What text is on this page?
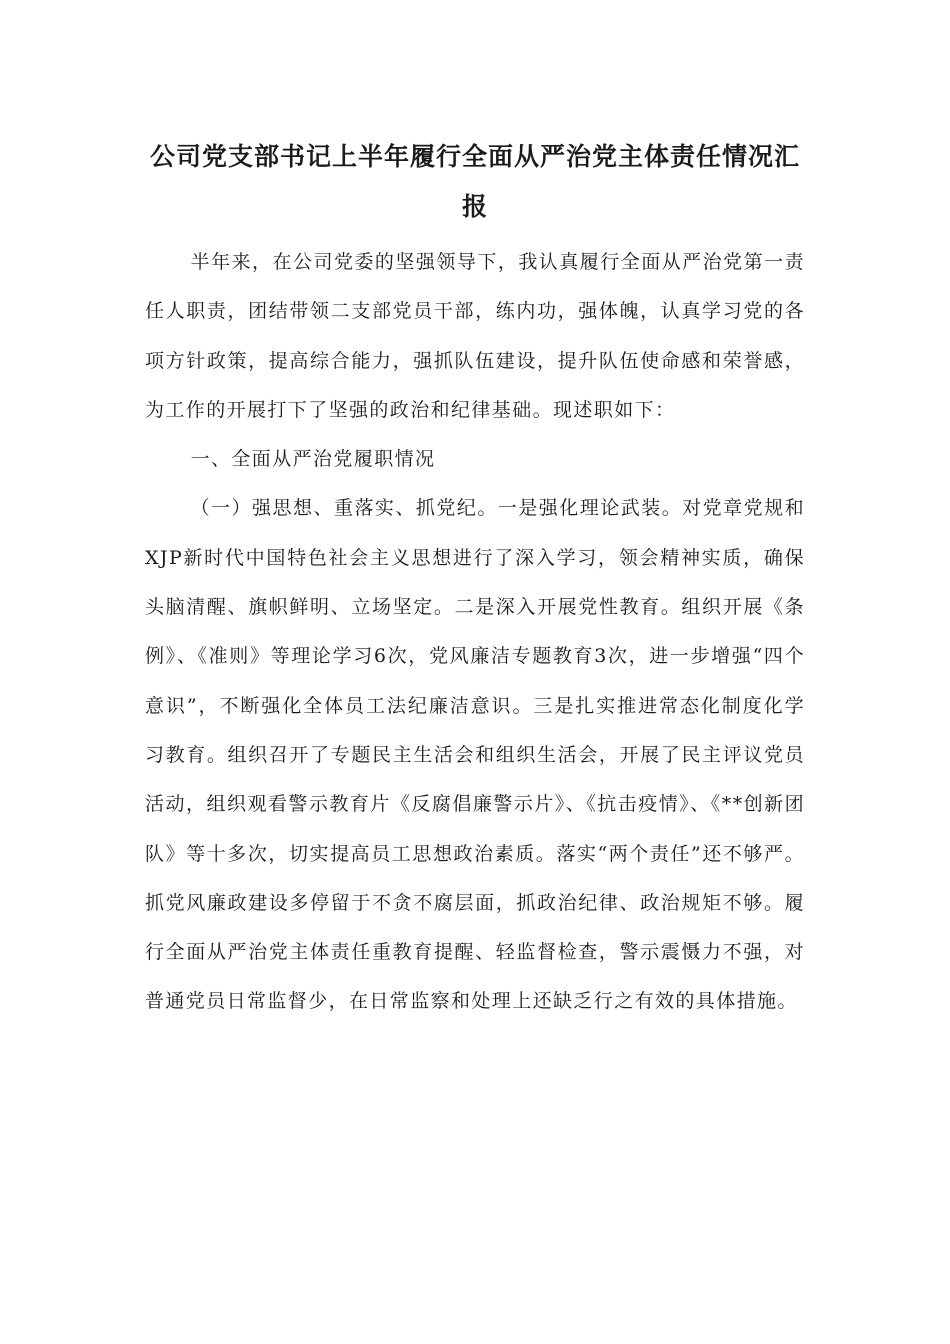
公司党支部书记上半年履行全面从严治党主体责任情况汇报

半年来，在公司党委的坚强领导下，我认真履行全面从严治党第一责任人职责，团结带领二支部党员干部，练内功，强体魄，认真学习党的各项方针政策，提高综合能力，强抓队伍建设，提升队伍使命感和荣誉感，为工作的开展打下了坚强的政治和纪律基础。现述职如下：

一、全面从严治党履职情况

（一）强思想、重落实、抓党纪。一是强化理论武装。对党章党规和XJP新时代中国特色社会主义思想进行了深入学习，领会精神实质，确保头脑清醒、旗帜鲜明、立场坚定。二是深入开展党性教育。组织开展《条例》、《准则》等理论学习6次，党风廉洁专题教育3次，进一步增强“四个意识”，不断强化全体员工法纪廉洁意识。三是扎实推进常态化制度化学习教育。组织召开了专题民主生活会和组织生活会，开展了民主评议党员活动，组织观看警示教育片《反腐倡廉警示片》、《抗击疫情》、《**创新团队》等十多次，切实提高员工思想政治素质。落实“两个责任”还不够严。抓党风廉政建设多停留于不贪不腐层面，抓政治纪律、政治规矩不够。履行全面从严治党主体责任重教育提醒、轻监督检查，警示震慑力不强，对普通党员日常监督少，在日常监察和处理上还缺乏行之有效的具体措施。
